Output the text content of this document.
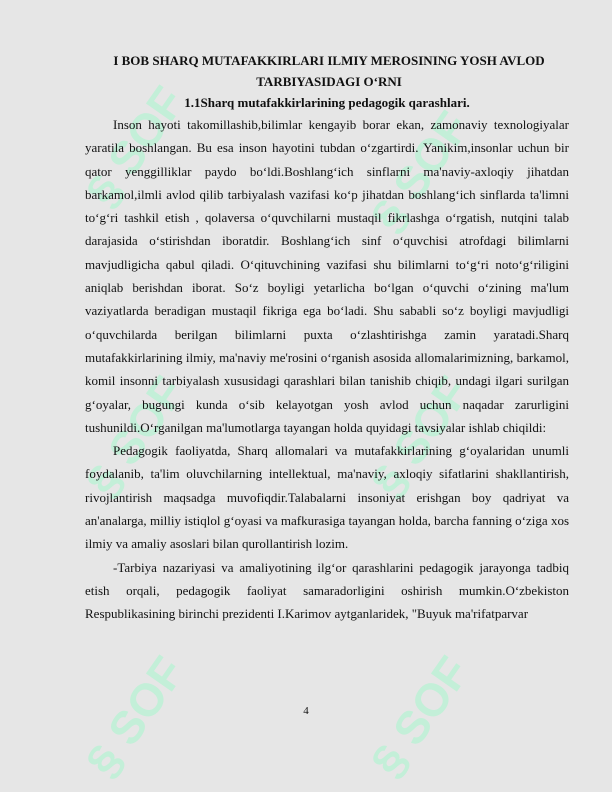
§ SOF	§ SOF
§ SOF	§ SOF
§ SOF	§ SOF

I BOB SHARQ MUTAFAKKIRLARI ILMIY MEROSINING YOSH AVLOD TARBIYASIDAGI O‘RNI

1.1Sharq mutafakkirlarining pedagogik qarashlari.

Inson hayoti takomillashib,bilimlar kengayib borar ekan, zamonaviy texnologiyalar yaratila boshlangan. Bu esa inson hayotini tubdan o‘zgartirdi. Yanikim,insonlar uchun bir qator yenggilliklar paydo bo‘ldi.Boshlang‘ich sinflarni ma'naviy-axloqiy jihatdan barkamol,ilmli avlod qilib tarbiyalash vazifasi ko‘p jihatdan boshlang‘ich sinflarda ta'limni to‘g‘ri tashkil etish , qolaversa o‘quvchilarni mustaqil fikrlashga o‘rgatish, nutqini talab darajasida o‘stirishdan iboratdir. Boshlang‘ich sinf o‘quvchisi atrofdagi bilimlarni mavjudligicha qabul qiladi. O‘qituvchining vazifasi shu bilimlarni to‘g‘ri noto‘g‘riligini aniqlab berishdan iborat. So‘z boyligi yetarlicha bo‘lgan o‘quvchi o‘zining ma'lum vaziyatlarda beradigan mustaqil fikriga ega bo‘ladi. Shu sababli so‘z boyligi mavjudligi o‘quvchilarda berilgan bilimlarni puxta o‘zlashtirishga zamin yaratadi.Sharq mutafakkirlarining ilmiy, ma'naviy me'rosini o‘rganish asosida allomalarimizning, barkamol, komil insonni tarbiyalash xususidagi qarashlari bilan tanishib chiqib, undagi ilgari surilgan g‘oyalar, bugungi kunda o‘sib kelayotgan yosh avlod uchun naqadar zarurligini tushunildi.O‘rganilgan ma'lumotlarga tayangan holda quyidagi tavsiyalar ishlab chiqildi:

Pedagogik faoliyatda, Sharq allomalari va mutafakkirlarining g‘oyalaridan unumli foydalanib, ta'lim oluvchilarning intellektual, ma'naviy, axloqiy sifatlarini shakllantirish, rivojlantirish maqsadga muvofiqdir.Talabalarni insoniyat erishgan boy qadriyat va an'analarga, milliy istiqlol g‘oyasi va mafkurasiga tayangan holda, barcha fanning o‘ziga xos ilmiy va amaliy asoslari bilan qurollantirish lozim.

-Tarbiya nazariyasi va amaliyotining ilg‘or qarashlarini pedagogik jarayonga tadbiq etish orqali, pedagogik faoliyat samaradorligini oshirish mumkin.O‘zbekiston Respublikasining birinchi prezidenti I.Karimov aytganlaridek, "Buyuk ma'rifatparvar

4
